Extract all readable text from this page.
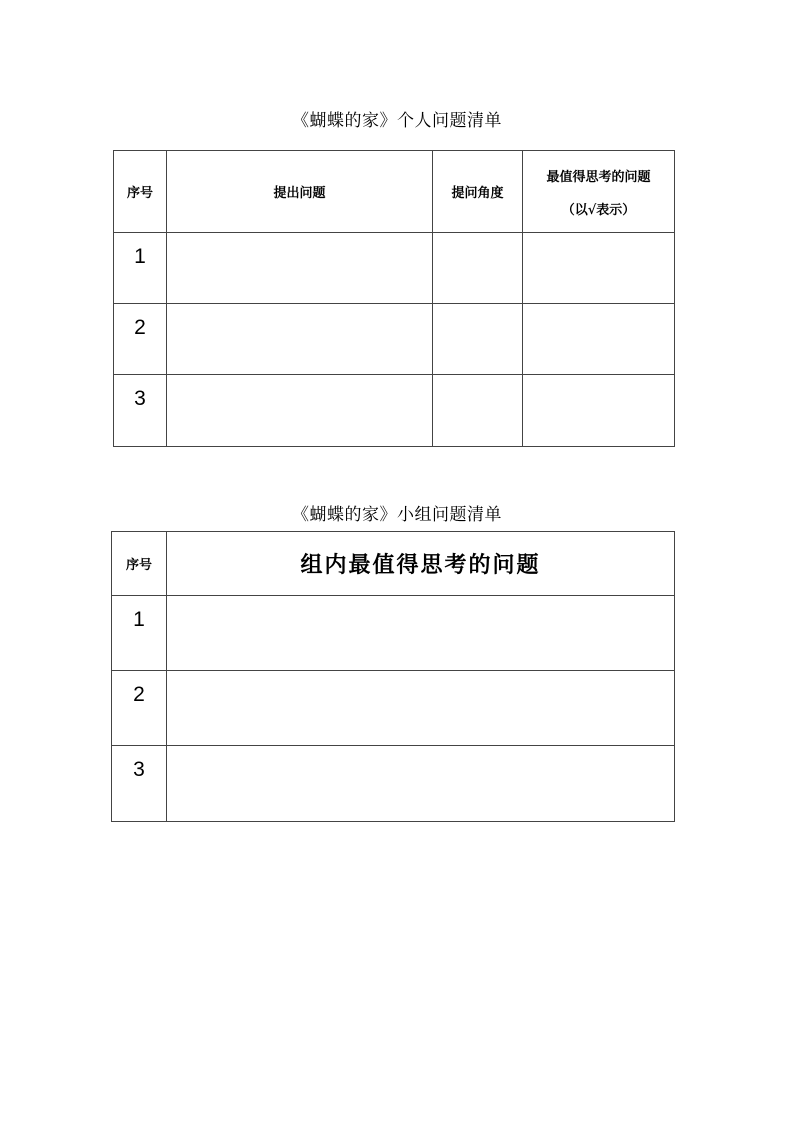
《蝴蝶的家》个人问题清单
序号	提出问题	提问角度	最值得思考的问题
（以√表示）

1			
2			
3			
《蝴蝶的家》小组问题清单
序号	组内最值得思考的问题
1	
2	
3	
